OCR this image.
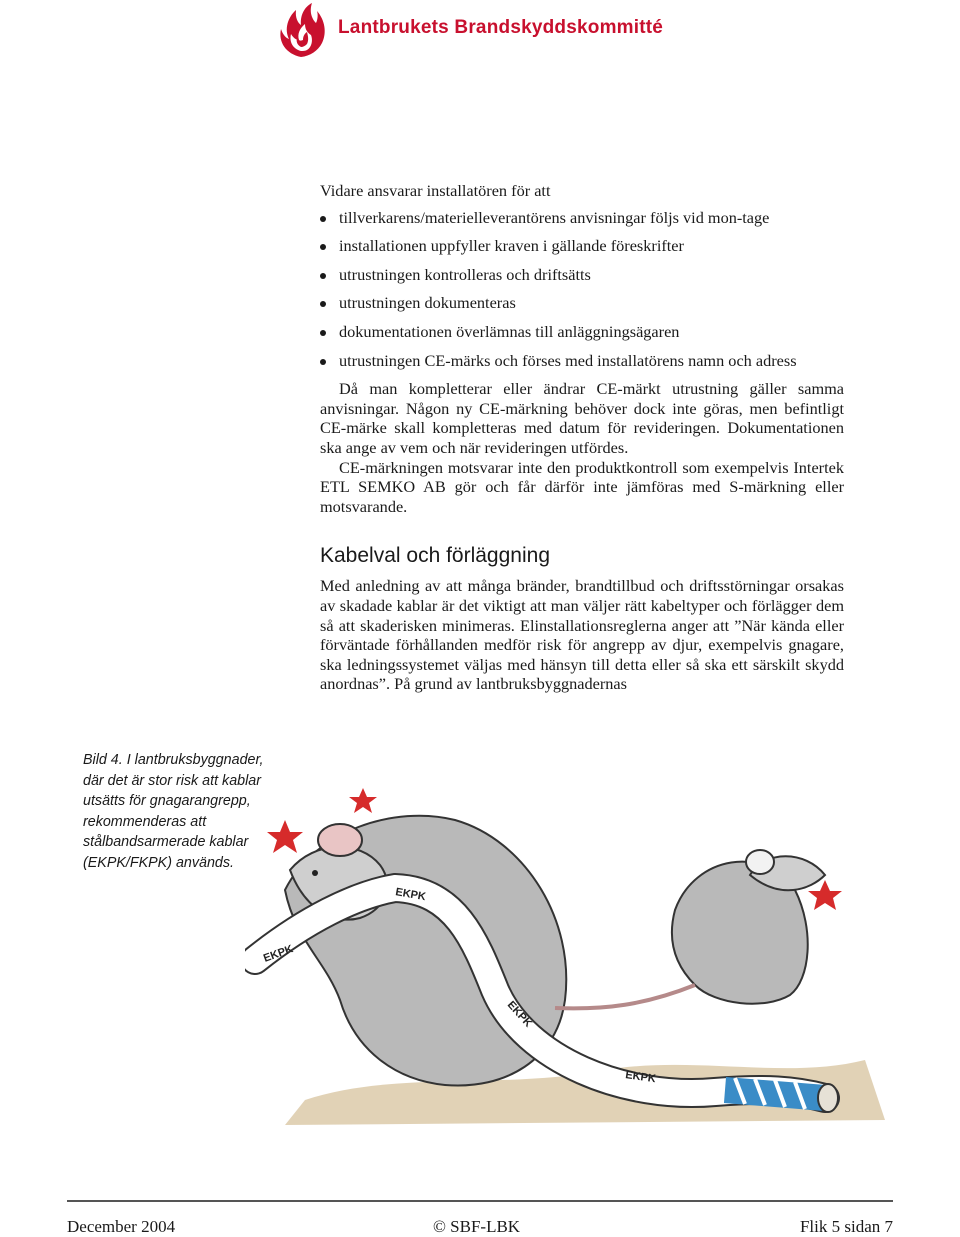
Lantbrukets Brandskyddskommitté

Vidare ansvarar installatören för att

tillverkarens/materielleverantörens anvisningar följs vid mon-tage
installationen uppfyller kraven i gällande föreskrifter
utrustningen kontrolleras och driftsätts
utrustningen dokumenteras
dokumentationen överlämnas till anläggningsägaren
utrustningen CE-märks och förses med installatörens namn och adress

Då man kompletterar eller ändrar CE-märkt utrustning gäller samma anvisningar. Någon ny CE-märkning behöver dock inte göras, men befintligt CE-märke skall kompletteras med datum för revideringen. Dokumentationen ska ange av vem och när revideringen utfördes.

CE-märkningen motsvarar inte den produktkontroll som exempelvis Intertek ETL SEMKO AB gör och får därför inte jämföras med S-märkning eller motsvarande.

Kabelval och förläggning

Med anledning av att många bränder, brandtillbud och driftsstörningar orsakas av skadade kablar är det viktigt att man väljer rätt kabeltyper och förlägger dem så att skaderisken minimeras. Elinstallationsreglerna anger att ”När kända eller förväntade förhållanden medför risk för angrepp av djur, exempelvis gnagare, ska ledningssystemet väljas med hänsyn till detta eller så ska ett särskilt skydd anordnas”. På grund av lantbruksbyggnadernas

Bild 4. I lantbruksbyggnader, där det är stor risk att kablar utsätts för gnagarangrepp, rekommenderas att stålbandsarmerade kablar (EKPK/FKPK) används.
EKPK
EKPK
EKPK
EKPK
December 2004	© SBF-LBK	Flik 5 sidan 7
